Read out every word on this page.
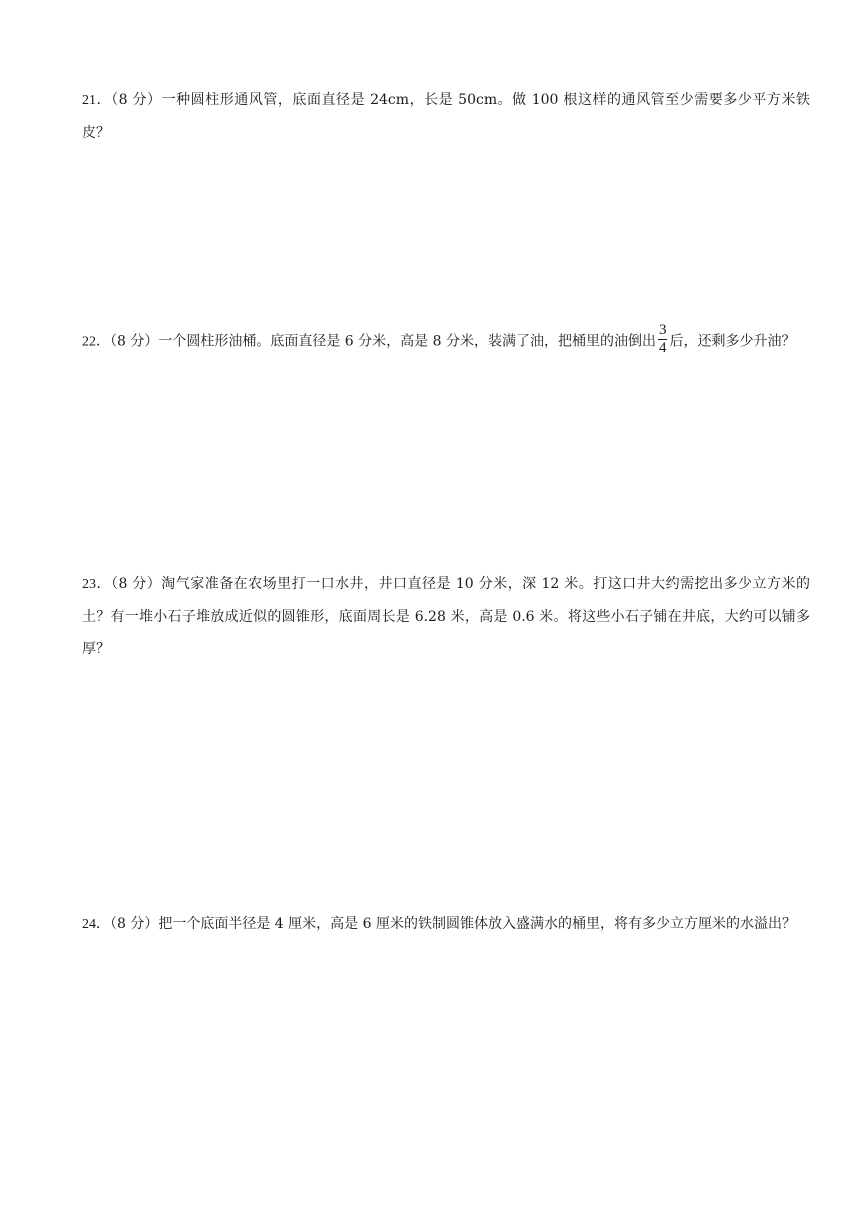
21．（8 分）一种圆柱形通风管，底面直径是 24cm，长是 50cm。做 100 根这样的通风管至少需要多少平方米铁皮？
22．（8 分）一个圆柱形油桶。底面直径是 6 分米，高是 8 分米，装满了油，把桶里的油倒出 $\frac{3}{4}$ 后，还剩多少升油？
23．（8 分）淘气家准备在农场里打一口水井，井口直径是 10 分米，深 12 米。打这口井大约需挖出多少立方米的土？有一堆小石子堆放成近似的圆锥形，底面周长是 6.28 米，高是 0.6 米。将这些小石子铺在井底，大约可以铺多厚？
24．（8 分）把一个底面半径是 4 厘米，高是 6 厘米的铁制圆锥体放入盛满水的桶里，将有多少立方厘米的水溢出？
